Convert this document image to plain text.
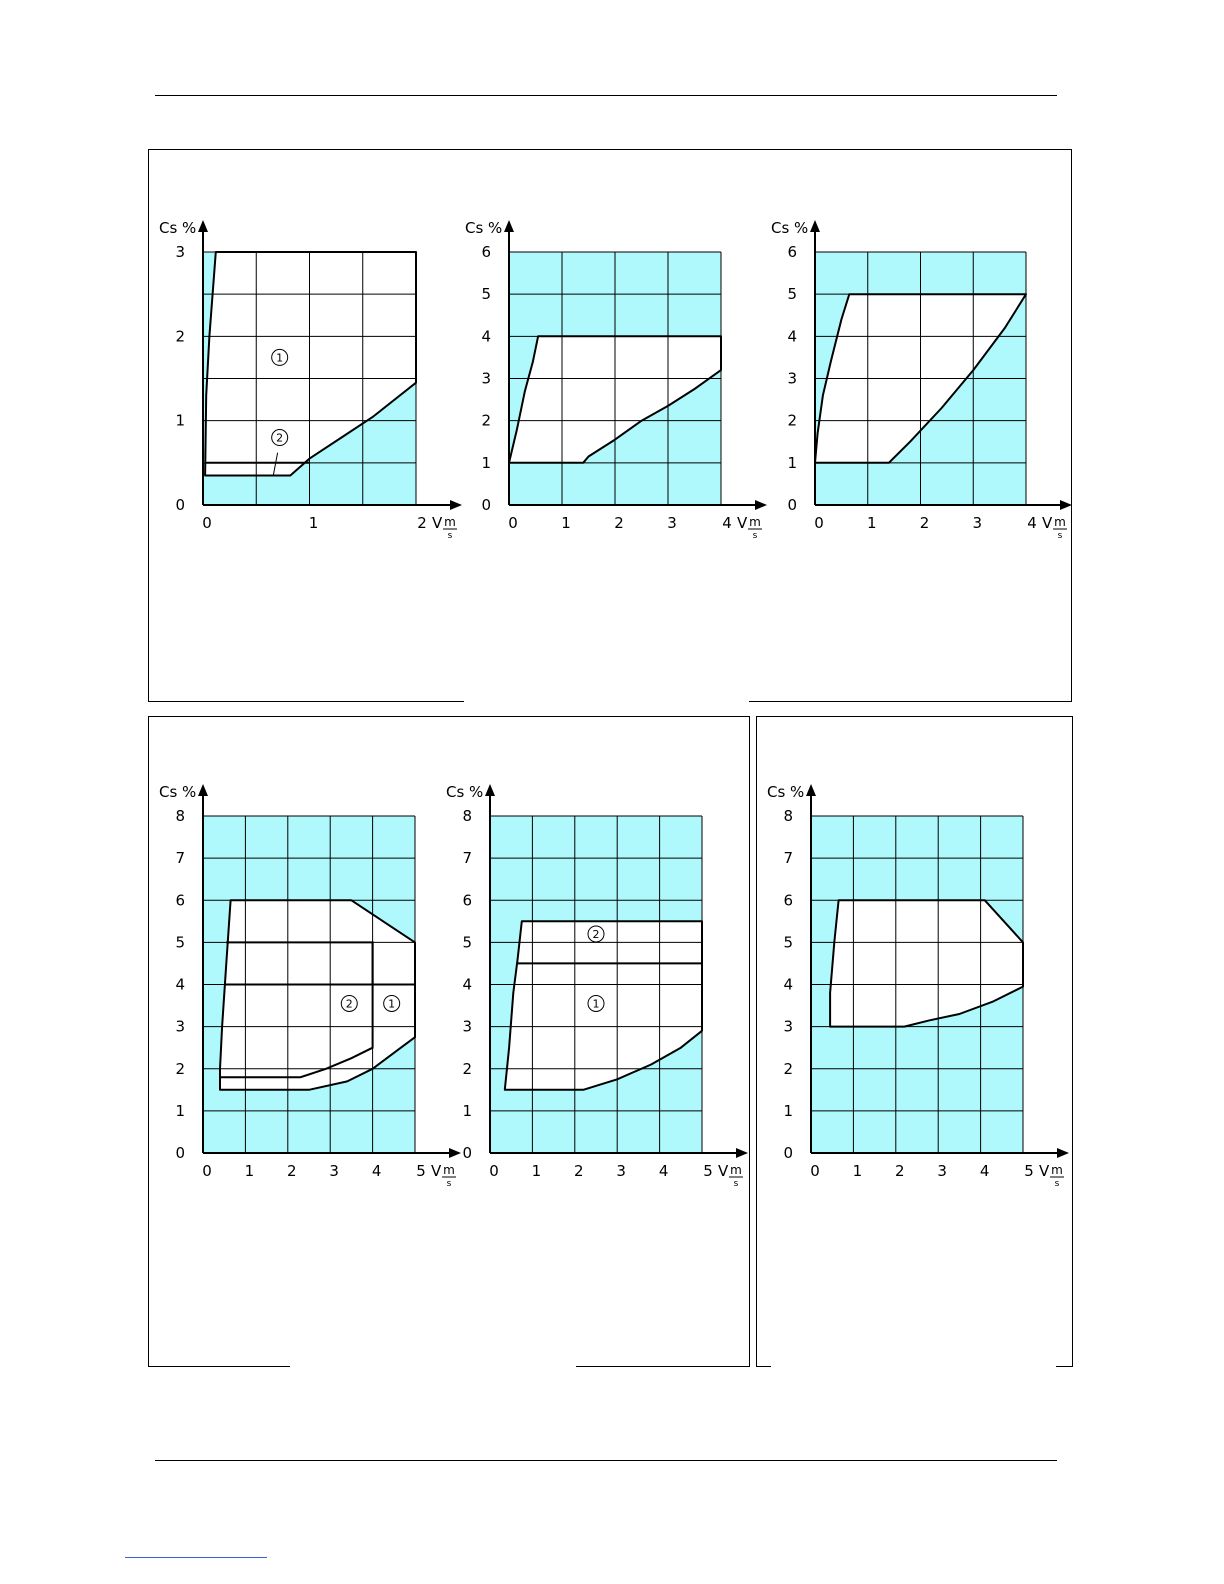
0
1
2
3
0	1	2
Cs %
V m
s
1
2
0
1
2
3
4
5
6
0	1	2	3	4
Cs %
V m
s
0
1
2
3
4
5
6
0	1	2	3	4
Cs %
V m
s
0
1
2
3
4
5
6
7
8
0 1 2 3 4 5
Cs %
V m
s
2	1
0
1
2
3
4
5
6
7
8
0 1 2 3 4 5
Cs %
V m
s
2
1
0
1
2
3
4
5
6
7
8
0 1 2 3 4 5
Cs %
V m
s
